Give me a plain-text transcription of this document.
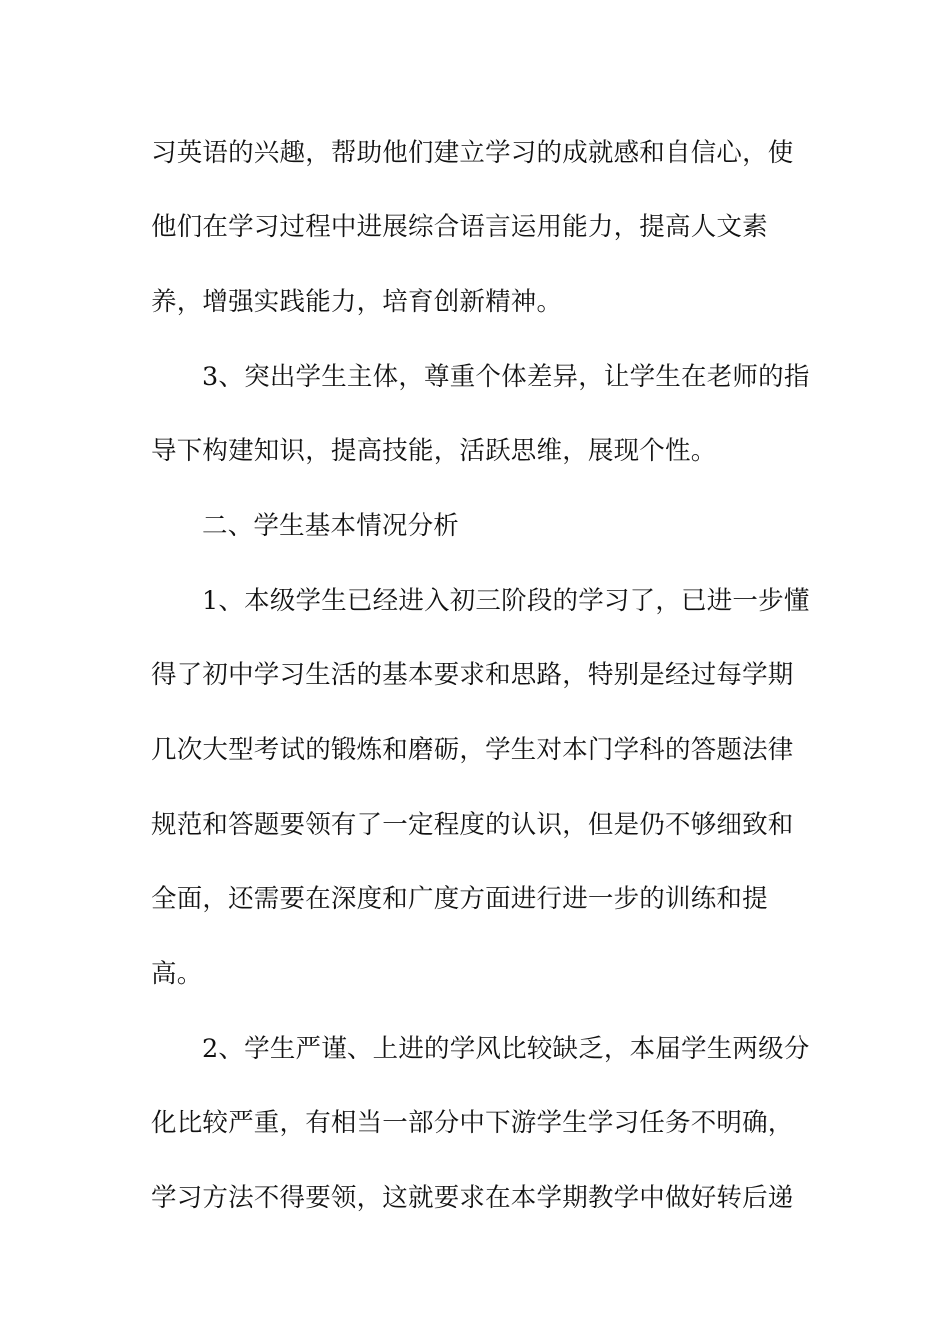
习英语的兴趣，帮助他们建立学习的成就感和自信心，使

他们在学习过程中进展综合语言运用能力，提高人文素

养，增强实践能力，培育创新精神。

3、突出学生主体，尊重个体差异，让学生在老师的指

导下构建知识，提高技能，活跃思维，展现个性。

二、学生基本情况分析

1、本级学生已经进入初三阶段的学习了，已进一步懂

得了初中学习生活的基本要求和思路，特别是经过每学期

几次大型考试的锻炼和磨砺，学生对本门学科的答题法律

规范和答题要领有了一定程度的认识，但是仍不够细致和

全面，还需要在深度和广度方面进行进一步的训练和提

高。

2、学生严谨、上进的学风比较缺乏，本届学生两级分

化比较严重，有相当一部分中下游学生学习任务不明确，

学习方法不得要领，这就要求在本学期教学中做好转后递
